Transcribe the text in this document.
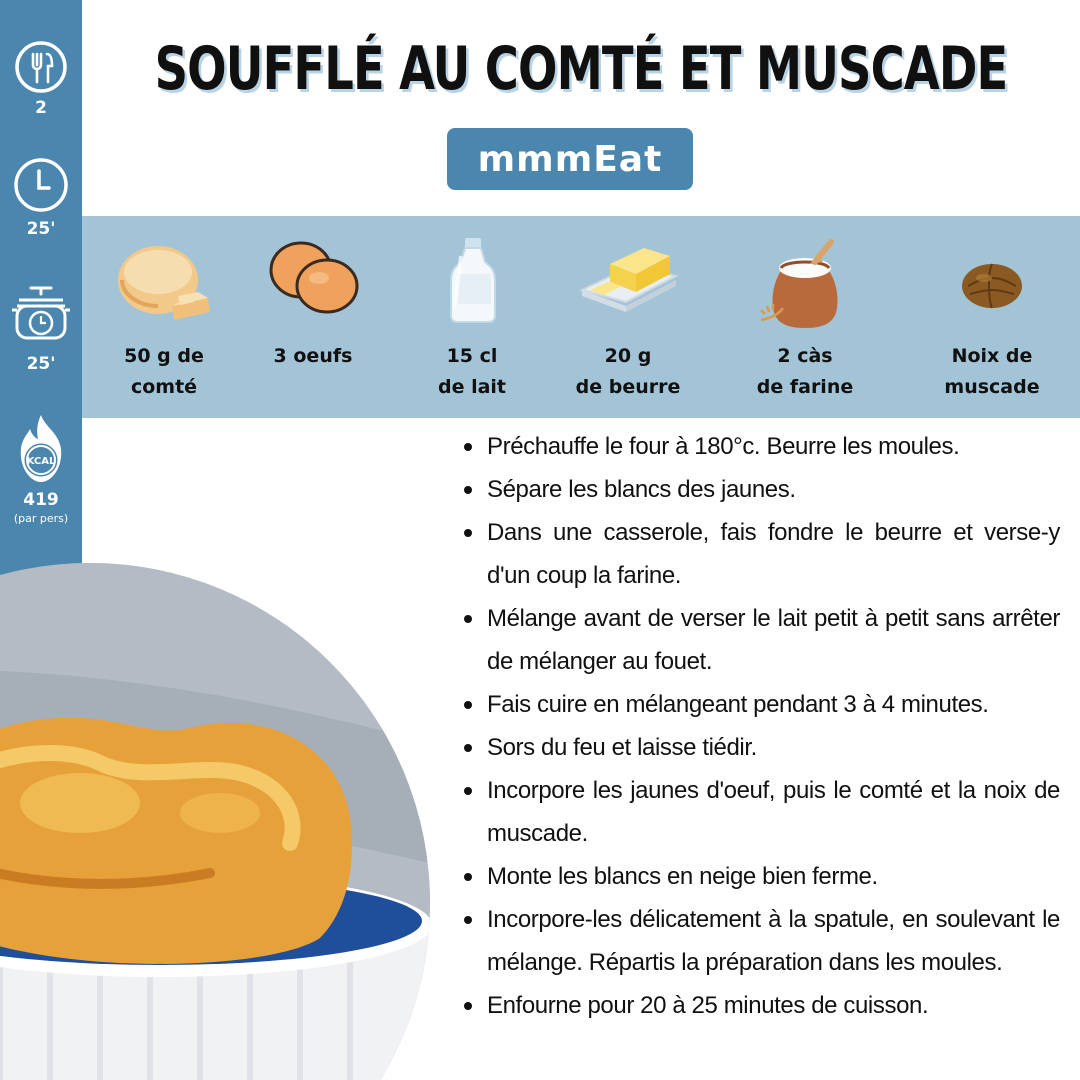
2
25'
25'
KCAL
419
(par pers)
SOUFFLÉ AU COMTÉ ET MUSCADE
mmmEat
50 g de
comté
3 oeufs	15 cl
de lait
20 g
de beurre
2 càs
de farine
Noix de
muscade
Préchauffe le four à 180°c. Beurre les moules.
Sépare les blancs des jaunes.
Dans une casserole, fais fondre le beurre et verse-y d'un coup la farine.
Mélange avant de verser le lait petit à petit sans arrêter de mélanger au fouet.
Fais cuire en mélangeant pendant 3 à 4 minutes.
Sors du feu et laisse tiédir.
Incorpore les jaunes d'oeuf, puis le comté et la noix de muscade.
Monte les blancs en neige bien ferme.
Incorpore-les délicatement à la spatule, en soulevant le mélange. Répartis la préparation dans les moules.
Enfourne pour 20 à 25 minutes de cuisson.
